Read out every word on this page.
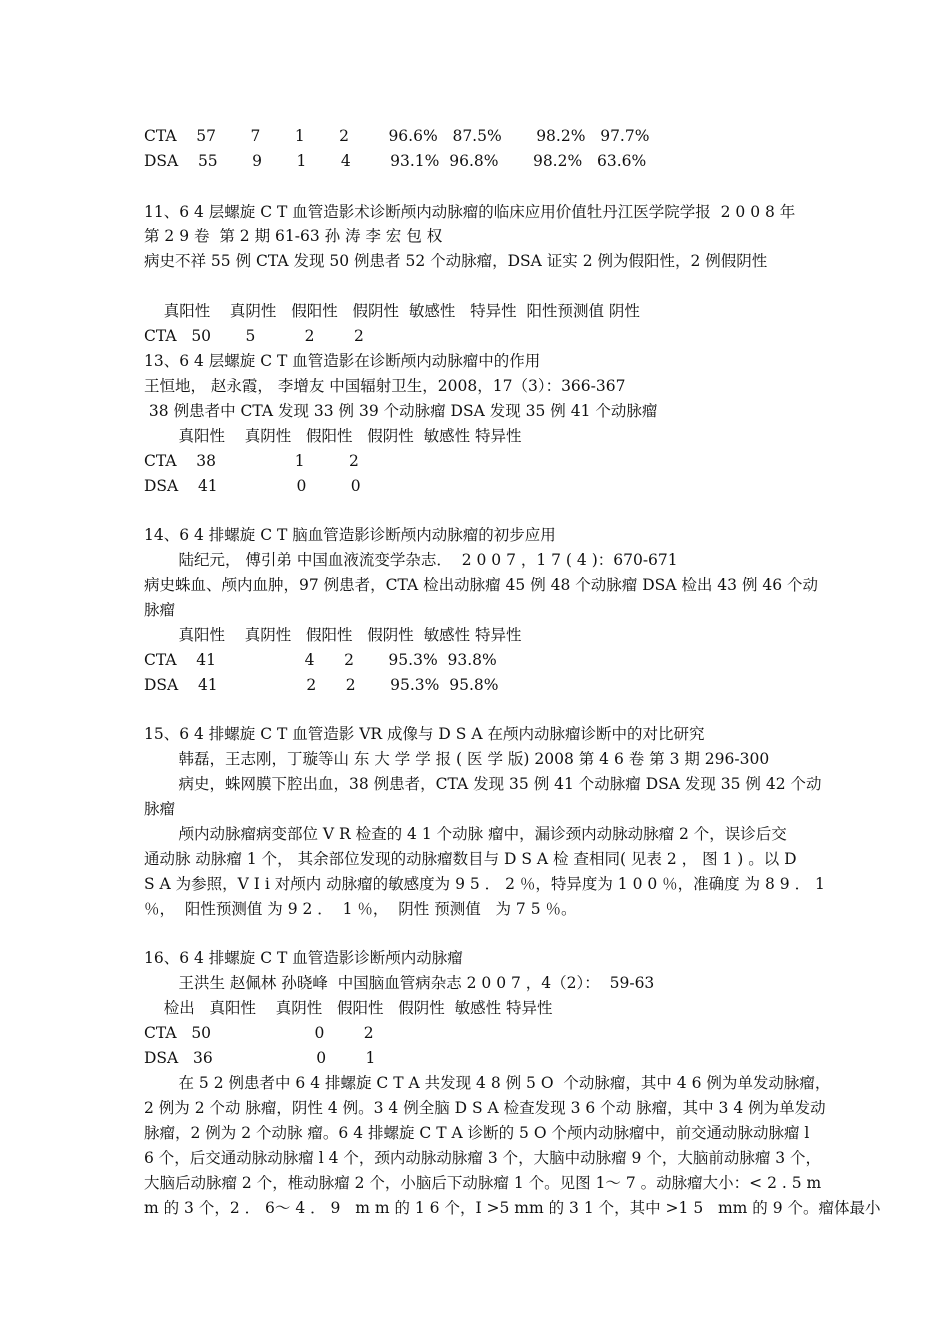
CTA    57       7       1       2        96.6%   87.5%       98.2%   97.7%
DSA    55       9       1       4        93.1%  96.8%       98.2%   63.6%
11、6 4 层螺旋 C T 血管造影术诊断颅内动脉瘤的临床应用价值牡丹江医学院学报  2 0 0 8 年
第 2 9 卷  第 2 期 61-63 孙 涛 李 宏 包 权
病史不祥 55 例 CTA 发现 50 例患者 52 个动脉瘤，DSA 证实 2 例为假阳性，2 例假阴性
真阳性    真阴性   假阳性   假阴性  敏感性   特异性  阳性预测值 阴性
CTA   50       5          2        2
13、6 4 层螺旋 C T 血管造影在诊断颅内动脉瘤中的作用
王恒地， 赵永霞， 李增友 中国辐射卫生，2008，17（3）：366-367
38 例患者中 CTA 发现 33 例 39 个动脉瘤 DSA 发现 35 例 41 个动脉瘤
真阳性    真阴性   假阳性   假阴性  敏感性 特异性
CTA    38                1         2
DSA    41                0         0
14、6 4 排螺旋 C T 脑血管造影诊断颅内动脉瘤的初步应用
陆纪元， 傅引弟 中国血液流变学杂志．  2 0 0 7 ，1 7 ( 4 )：670-671
病史蛛血、颅内血肿，97 例患者，CTA 检出动脉瘤 45 例 48 个动脉瘤 DSA 检出 43 例 46 个动
脉瘤
真阳性    真阴性   假阳性   假阴性  敏感性 特异性
CTA    41                  4      2       95.3%  93.8%
DSA    41                  2      2       95.3%  95.8%
15、6 4 排螺旋 C T 血管造影 VR 成像与 D S A 在颅内动脉瘤诊断中的对比研究
韩磊，王志刚，丁璇等山 东 大 学 学 报 ( 医 学 版) 2008 第 4 6 卷 第 3 期 296-300
病史，蛛网膜下腔出血，38 例患者，CTA 发现 35 例 41 个动脉瘤 DSA 发现 35 例 42 个动
脉瘤
颅内动脉瘤病变部位 V R 检查的 4 1 个动脉 瘤中，漏诊颈内动脉动脉瘤 2 个，误诊后交
通动脉 动脉瘤 1 个， 其余部位发现的动脉瘤数目与 D S A 检 查相同( 见表 2 ， 图 1 ) 。以 D
S A 为参照，V I i 对颅内 动脉瘤的敏感度为 9 5 ． 2 ％，特异度为 1 0 0 ％，准确度 为 8 9 ． 1
％，  阳性预测值 为 9 2 ．  1 ％，  阴性 预测值   为 7 5 ％。
16、6 4 排螺旋 C T 血管造影诊断颅内动脉瘤
王洪生 赵佩林 孙晓峰  中国脑血管病杂志 2 0 0 7 ，4（2）：  59-63
检出   真阳性    真阴性   假阳性   假阴性  敏感性 特异性
CTA   50                     0        2
DSA   36                     0        1
在 5 2 例患者中 6 4 排螺旋 C T A 共发现 4 8 例 5 O  个动脉瘤，其中 4 6 例为单发动脉瘤，
2 例为 2 个动 脉瘤，阴性 4 例。3 4 例全脑 D S A 检查发现 3 6 个动 脉瘤，其中 3 4 例为单发动
脉瘤，2 例为 2 个动脉 瘤。6 4 排螺旋 C T A 诊断的 5 O 个颅内动脉瘤中，前交通动脉动脉瘤 l
6 个，后交通动脉动脉瘤 l 4 个，颈内动脉动脉瘤 3 个，大脑中动脉瘤 9 个，大脑前动脉瘤 3 个，
大脑后动脉瘤 2 个，椎动脉瘤 2 个，小脑后下动脉瘤 1 个。见图 1～ 7 。动脉瘤大小：< 2 . 5 m
m 的 3 个，2 ． 6～ 4 ． 9   m m 的 1 6 个，I >5 mm 的 3 1 个，其中 >1 5   mm 的 9 个。瘤体最小
